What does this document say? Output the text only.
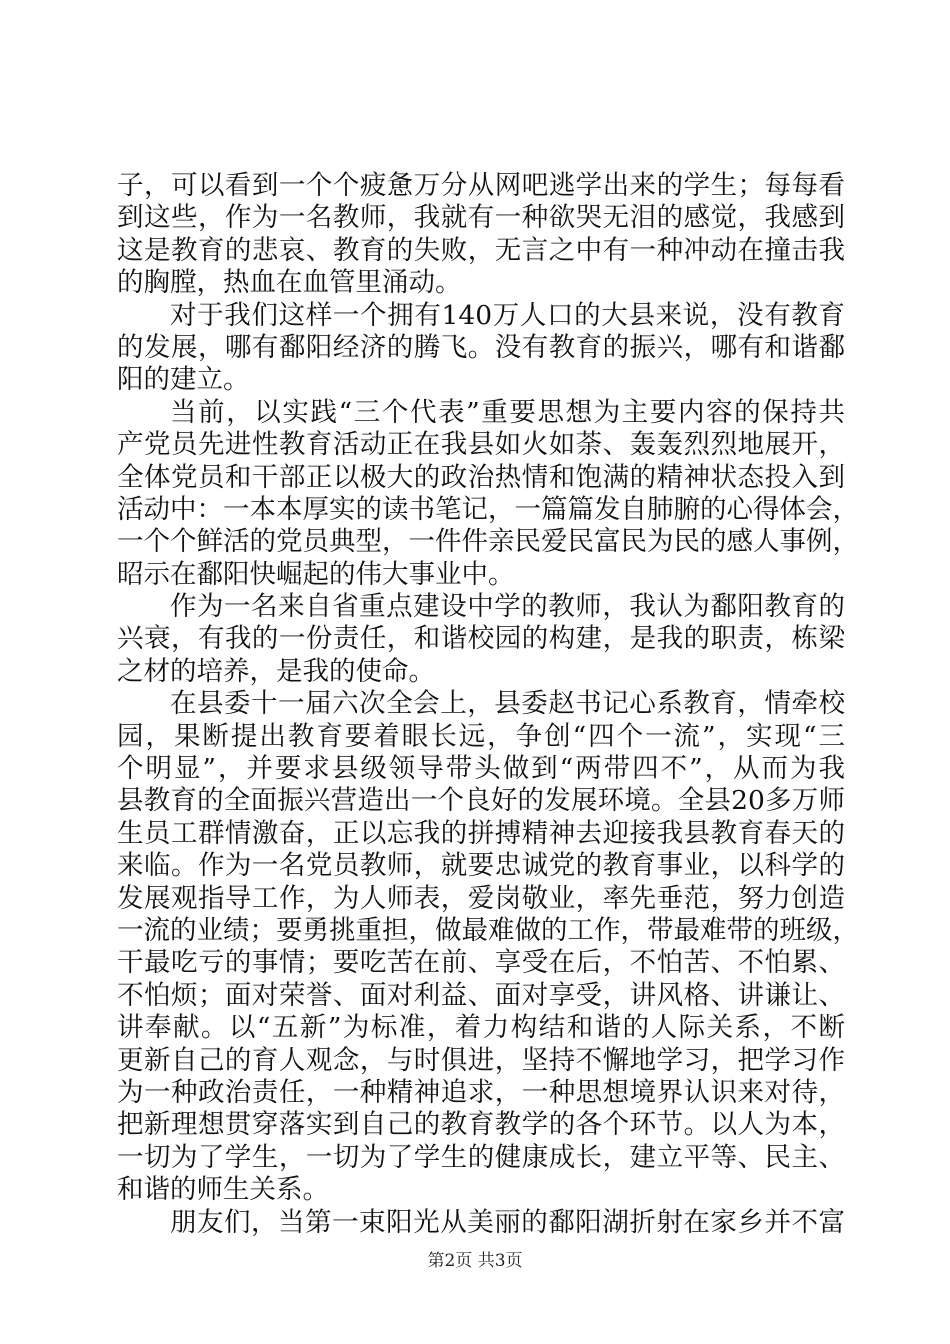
子，可以看到一个个疲惫万分从网吧逃学出来的学生；每每看
到这些，作为一名教师，我就有一种欲哭无泪的感觉，我感到
这是教育的悲哀、教育的失败，无言之中有一种冲动在撞击我
的胸膛，热血在血管里涌动。
对于我们这样一个拥有140万人口的大县来说，没有教育
的发展，哪有鄱阳经济的腾飞。没有教育的振兴，哪有和谐鄱
阳的建立。
当前，以实践“三个代表”重要思想为主要内容的保持共
产党员先进性教育活动正在我县如火如荼、轰轰烈烈地展开，
全体党员和干部正以极大的政治热情和饱满的精神状态投入到
活动中：一本本厚实的读书笔记，一篇篇发自肺腑的心得体会，
一个个鲜活的党员典型，一件件亲民爱民富民为民的感人事例，
昭示在鄱阳快崛起的伟大事业中。
作为一名来自省重点建设中学的教师，我认为鄱阳教育的
兴衰，有我的一份责任，和谐校园的构建，是我的职责，栋梁
之材的培养，是我的使命。
在县委十一届六次全会上，县委赵书记心系教育，情牵校
园，果断提出教育要着眼长远，争创“四个一流”，实现“三
个明显”，并要求县级领导带头做到“两带四不”，从而为我
县教育的全面振兴营造出一个良好的发展环境。全县20多万师
生员工群情激奋，正以忘我的拼搏精神去迎接我县教育春天的
来临。作为一名党员教师，就要忠诚党的教育事业，以科学的
发展观指导工作，为人师表，爱岗敬业，率先垂范，努力创造
一流的业绩；要勇挑重担，做最难做的工作，带最难带的班级，
干最吃亏的事情；要吃苦在前、享受在后，不怕苦、不怕累、
不怕烦；面对荣誉、面对利益、面对享受，讲风格、讲谦让、
讲奉献。以“五新”为标准，着力构结和谐的人际关系，不断
更新自己的育人观念，与时俱进，坚持不懈地学习，把学习作
为一种政治责任，一种精神追求，一种思想境界认识来对待，
把新理想贯穿落实到自己的教育教学的各个环节。以人为本，
一切为了学生，一切为了学生的健康成长，建立平等、民主、
和谐的师生关系。
朋友们，当第一束阳光从美丽的鄱阳湖折射在家乡并不富
第2页 共3页
